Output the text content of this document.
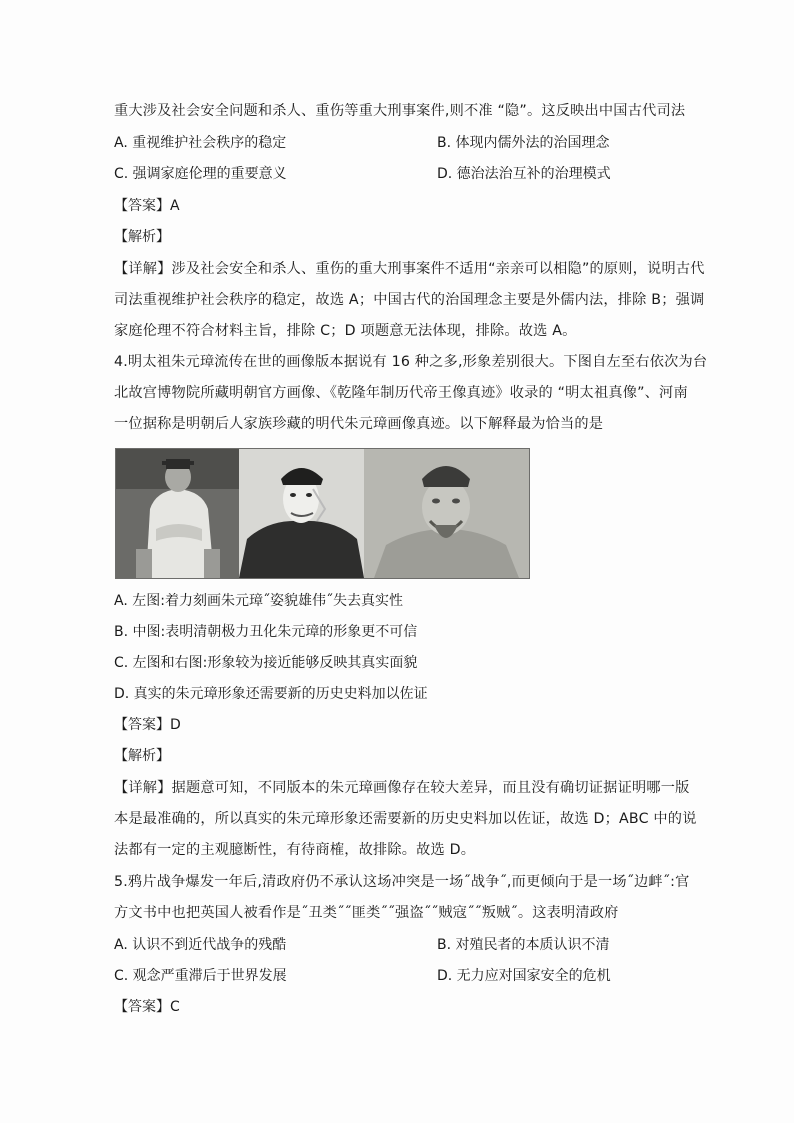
重大涉及社会安全问题和杀人、重伤等重大刑事案件,则不准 “隐”。这反映出中国古代司法
A. 重视维护社会秩序的稳定	B. 体现内儒外法的治国理念
C. 强调家庭伦理的重要意义	D. 德治法治互补的治理模式
【答案】A
【解析】
【详解】涉及社会安全和杀人、重伤的重大刑事案件不适用“亲亲可以相隐”的原则，说明古代
司法重视维护社会秩序的稳定，故选 A；中国古代的治国理念主要是外儒内法，排除 B；强调
家庭伦理不符合材料主旨，排除 C；D 项题意无法体现，排除。故选 A。
4.明太祖朱元璋流传在世的画像版本据说有 16 种之多,形象差别很大。下图自左至右依次为台
北故宫博物院所藏明朝官方画像、《乾隆年制历代帝王像真迹》收录的 “明太祖真像”、河南
一位据称是明朝后人家族珍藏的明代朱元璋画像真迹。以下解释最为恰当的是
A. 左图:着力刻画朱元璋˝姿貌雄伟˝失去真实性
B. 中图:表明清朝极力丑化朱元璋的形象更不可信
C. 左图和右图:形象较为接近能够反映其真实面貌
D. 真实的朱元璋形象还需要新的历史史料加以佐证
【答案】D
【解析】
【详解】据题意可知，不同版本的朱元璋画像存在较大差异，而且没有确切证据证明哪一版
本是最准确的，所以真实的朱元璋形象还需要新的历史史料加以佐证，故选 D；ABC 中的说
法都有一定的主观臆断性，有待商榷，故排除。故选 D。
5.鸦片战争爆发一年后,清政府仍不承认这场冲突是一场˝战争˝,而更倾向于是一场˝边衅˝:官
方文书中也把英国人被看作是˝丑类˝˝匪类˝˝强盗˝˝贼寇˝˝叛贼˝。这表明清政府
A. 认识不到近代战争的残酷	B. 对殖民者的本质认识不清
C. 观念严重滞后于世界发展	D. 无力应对国家安全的危机
【答案】C
